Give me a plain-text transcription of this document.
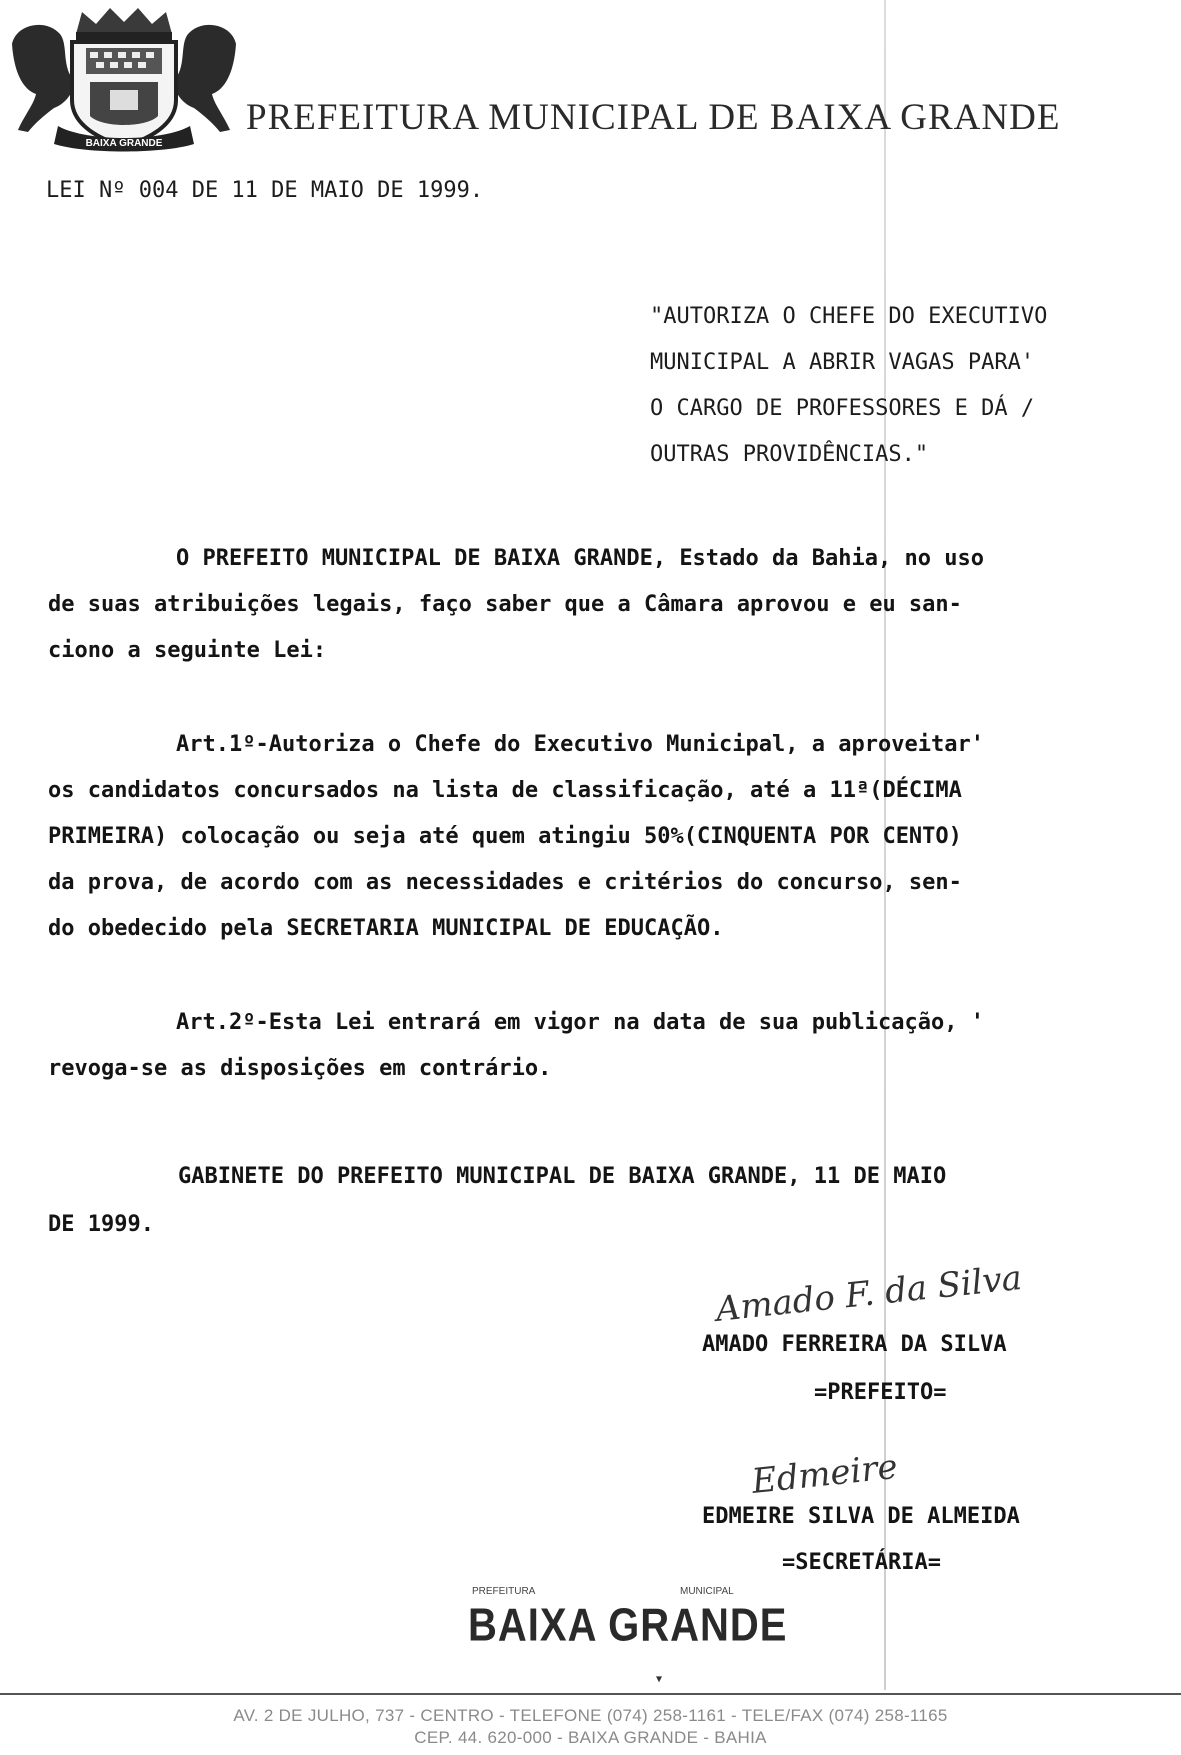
BAIXA GRANDE
PREFEITURA MUNICIPAL DE BAIXA GRANDE
LEI Nº 004 DE 11 DE MAIO DE 1999.
"AUTORIZA O CHEFE DO EXECUTIVO
MUNICIPAL A ABRIR VAGAS PARA'
O CARGO DE PROFESSORES E DÁ /
OUTRAS PROVIDÊNCIAS."
O PREFEITO MUNICIPAL DE BAIXA GRANDE, Estado da Bahia, no uso
de suas atribuições legais, faço saber que a Câmara aprovou e eu san-
ciono a seguinte Lei:
Art.1º-Autoriza o Chefe do Executivo Municipal, a aproveitar'
os candidatos concursados na lista de classificação, até a 11ª(DÉCIMA
PRIMEIRA) colocação ou seja até quem atingiu 50%(CINQUENTA POR CENTO)
da prova, de acordo com as necessidades e critérios do concurso, sen-
do obedecido pela SECRETARIA MUNICIPAL DE EDUCAÇÃO.
Art.2º-Esta Lei entrará em vigor na data de sua publicação, '
revoga-se as disposições em contrário.
GABINETE DO PREFEITO MUNICIPAL DE BAIXA GRANDE, 11 DE MAIO
DE 1999.
Amado F. da Silva
AMADO FERREIRA DA SILVA
=PREFEITO=
Edmeire
EDMEIRE SILVA DE ALMEIDA
=SECRETÁRIA=
PREFEITURA	MUNICIPAL
BAIXA GRANDE
▼
AV. 2 DE JULHO, 737 - CENTRO - TELEFONE (074) 258-1161 - TELE/FAX (074) 258-1165
CEP. 44. 620-000 - BAIXA GRANDE - BAHIA
